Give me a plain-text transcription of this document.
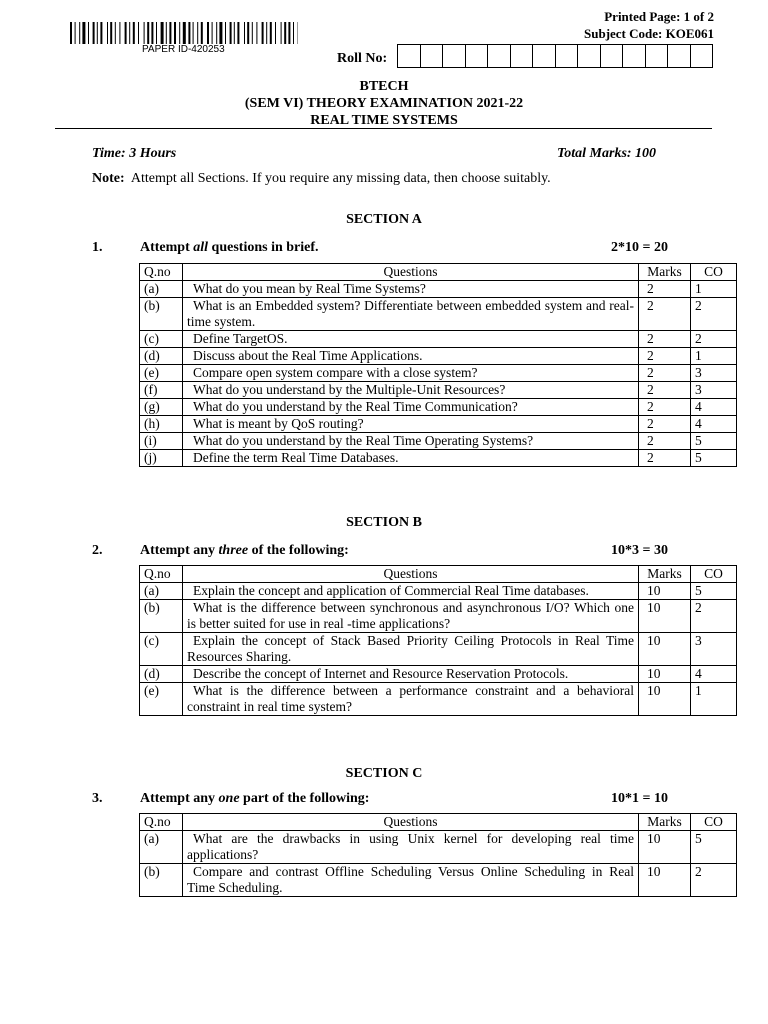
PAPER ID-420253
Printed Page: 1 of 2
Subject Code: KOE061
Roll No:
BTECH
(SEM VI) THEORY EXAMINATION 2021-22
REAL TIME SYSTEMS
Time: 3 Hours	Total Marks: 100
Note: Attempt all Sections. If you require any missing data, then choose suitably.
SECTION A
1.	Attempt all questions in brief.	2*10 = 20
Q.no	Questions	Marks	CO
(a)	What do you mean by Real Time Systems?	2	1
(b)	What is an Embedded system? Differentiate between embedded system and real-time system.	2	2
(c)	Define TargetOS.	2	2
(d)	Discuss about the Real Time Applications.	2	1
(e)	Compare open system compare with a close system?	2	3
(f)	What do you understand by the Multiple-Unit Resources?	2	3
(g)	What do you understand by the Real Time Communication?	2	4
(h)	What is meant by QoS routing?	2	4
(i)	What do you understand by the Real Time Operating Systems?	2	5
(j)	Define the term Real Time Databases.	2	5
SECTION B
2.	Attempt any three of the following:	10*3 = 30
Q.no	Questions	Marks	CO
(a)	Explain the concept and application of Commercial Real Time databases.	10	5
(b)	What is the difference between synchronous and asynchronous I/O? Which one is better suited for use in real -time applications?	10	2
(c)	Explain the concept of Stack Based Priority Ceiling Protocols in Real Time Resources Sharing.	10	3
(d)	Describe the concept of Internet and Resource Reservation Protocols.	10	4
(e)	What is the difference between a performance constraint and a behavioral constraint in real time system?	10	1
SECTION C
3.	Attempt any one part of the following:	10*1 = 10
Q.no	Questions	Marks	CO
(a)	What are the drawbacks in using Unix kernel for developing real time applications?	10	5
(b)	Compare and contrast Offline Scheduling Versus Online Scheduling in Real Time Scheduling.	10	2
